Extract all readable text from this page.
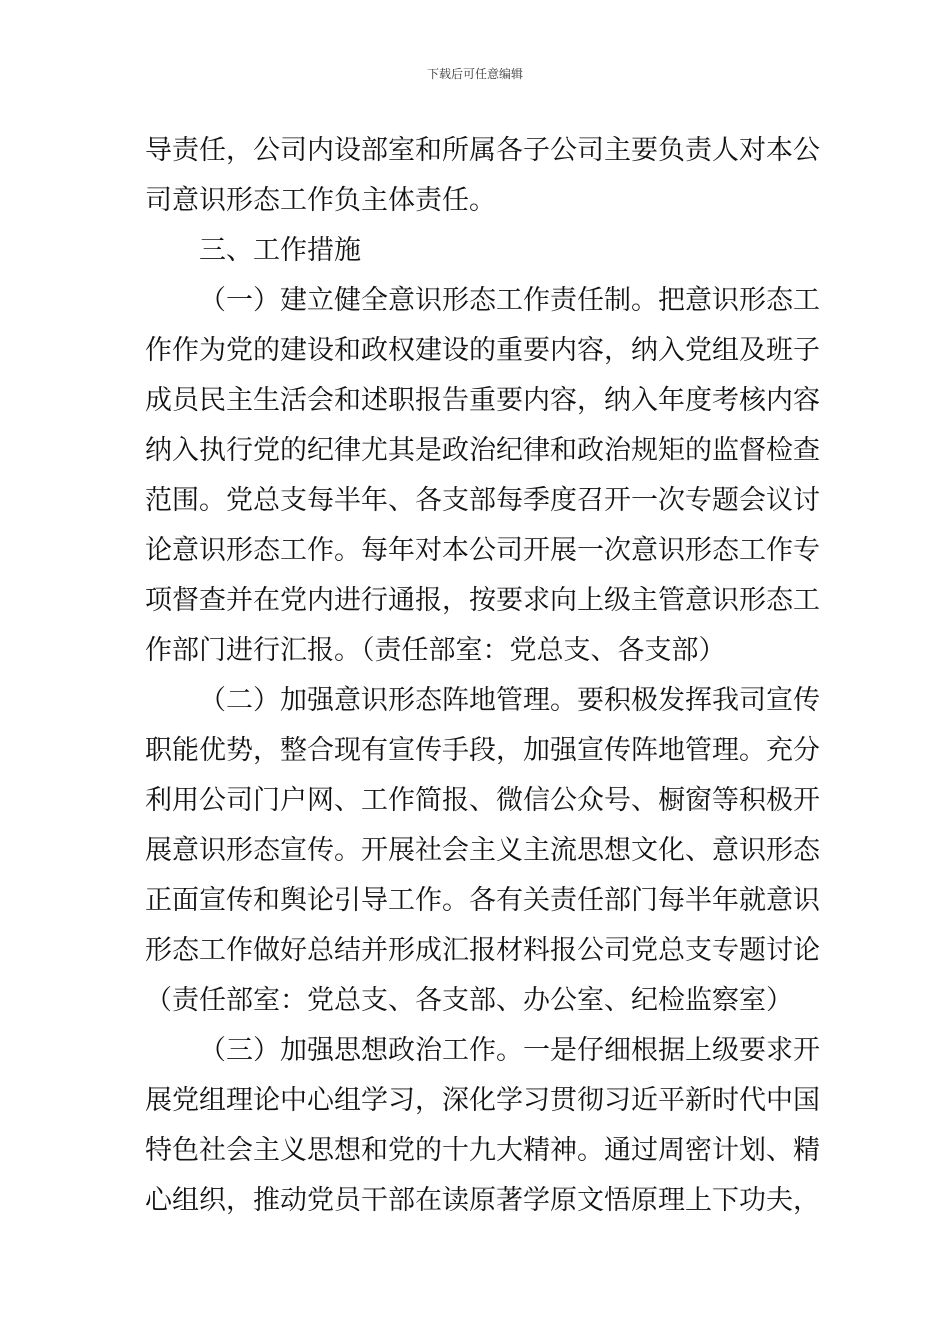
下载后可任意编辑
导责任，公司内设部室和所属各子公司主要负责人对本公
司意识形态工作负主体责任。
三、工作措施
（一）建立健全意识形态工作责任制。把意识形态工
作作为党的建设和政权建设的重要内容，纳入党组及班子
成员民主生活会和述职报告重要内容，纳入年度考核内容
纳入执行党的纪律尤其是政治纪律和政治规矩的监督检查
范围。党总支每半年、各支部每季度召开一次专题会议讨
论意识形态工作。每年对本公司开展一次意识形态工作专
项督查并在党内进行通报，按要求向上级主管意识形态工
作部门进行汇报。（责任部室：党总支、各支部）
（二）加强意识形态阵地管理。要积极发挥我司宣传
职能优势，整合现有宣传手段，加强宣传阵地管理。充分
利用公司门户网、工作简报、微信公众号、橱窗等积极开
展意识形态宣传。开展社会主义主流思想文化、意识形态
正面宣传和舆论引导工作。各有关责任部门每半年就意识
形态工作做好总结并形成汇报材料报公司党总支专题讨论
（责任部室：党总支、各支部、办公室、纪检监察室）
（三）加强思想政治工作。一是仔细根据上级要求开
展党组理论中心组学习，深化学习贯彻习近平新时代中国
特色社会主义思想和党的十九大精神。通过周密计划、精
心组织，推动党员干部在读原著学原文悟原理上下功夫，
